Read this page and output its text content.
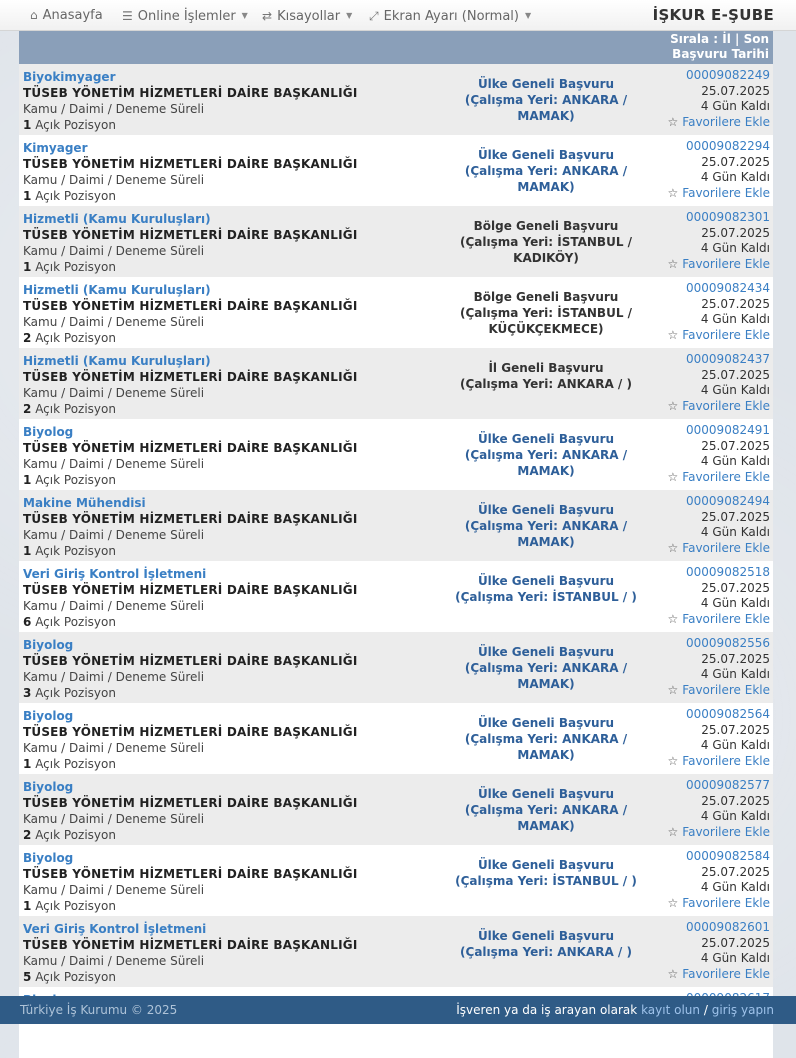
⌂ Anasayfa ☰ Online İşlemler ▼ ⇄ Kısayollar ▼ ⤢ Ekran Ayarı (Normal) ▼	İŞKUR E-ŞUBE
Sırala : İl | Son
Başvuru Tarihi
Biyokimyager
TÜSEB YÖNETİM HİZMETLERİ DAİRE BAŞKANLIĞI
Kamu / Daimi / Deneme Süreli
1 Açık Pozisyon
Ülke Geneli Başvuru
(Çalışma Yeri: ANKARA /
MAMAK)
00009082249
25.07.2025
4 Gün Kaldı
☆ Favorilere Ekle
Kimyager
TÜSEB YÖNETİM HİZMETLERİ DAİRE BAŞKANLIĞI
Kamu / Daimi / Deneme Süreli
1 Açık Pozisyon
Ülke Geneli Başvuru
(Çalışma Yeri: ANKARA /
MAMAK)
00009082294
25.07.2025
4 Gün Kaldı
☆ Favorilere Ekle
Hizmetli (Kamu Kuruluşları)
TÜSEB YÖNETİM HİZMETLERİ DAİRE BAŞKANLIĞI
Kamu / Daimi / Deneme Süreli
1 Açık Pozisyon
Bölge Geneli Başvuru
(Çalışma Yeri: İSTANBUL /
KADIKÖY)
00009082301
25.07.2025
4 Gün Kaldı
☆ Favorilere Ekle
Hizmetli (Kamu Kuruluşları)
TÜSEB YÖNETİM HİZMETLERİ DAİRE BAŞKANLIĞI
Kamu / Daimi / Deneme Süreli
2 Açık Pozisyon
Bölge Geneli Başvuru
(Çalışma Yeri: İSTANBUL /
KÜÇÜKÇEKMECE)
00009082434
25.07.2025
4 Gün Kaldı
☆ Favorilere Ekle
Hizmetli (Kamu Kuruluşları)
TÜSEB YÖNETİM HİZMETLERİ DAİRE BAŞKANLIĞI
Kamu / Daimi / Deneme Süreli
2 Açık Pozisyon
İl Geneli Başvuru
(Çalışma Yeri: ANKARA / )
00009082437
25.07.2025
4 Gün Kaldı
☆ Favorilere Ekle
Biyolog
TÜSEB YÖNETİM HİZMETLERİ DAİRE BAŞKANLIĞI
Kamu / Daimi / Deneme Süreli
1 Açık Pozisyon
Ülke Geneli Başvuru
(Çalışma Yeri: ANKARA /
MAMAK)
00009082491
25.07.2025
4 Gün Kaldı
☆ Favorilere Ekle
Makine Mühendisi
TÜSEB YÖNETİM HİZMETLERİ DAİRE BAŞKANLIĞI
Kamu / Daimi / Deneme Süreli
1 Açık Pozisyon
Ülke Geneli Başvuru
(Çalışma Yeri: ANKARA /
MAMAK)
00009082494
25.07.2025
4 Gün Kaldı
☆ Favorilere Ekle
Veri Giriş Kontrol İşletmeni
TÜSEB YÖNETİM HİZMETLERİ DAİRE BAŞKANLIĞI
Kamu / Daimi / Deneme Süreli
6 Açık Pozisyon
Ülke Geneli Başvuru
(Çalışma Yeri: İSTANBUL / )
00009082518
25.07.2025
4 Gün Kaldı
☆ Favorilere Ekle
Biyolog
TÜSEB YÖNETİM HİZMETLERİ DAİRE BAŞKANLIĞI
Kamu / Daimi / Deneme Süreli
3 Açık Pozisyon
Ülke Geneli Başvuru
(Çalışma Yeri: ANKARA /
MAMAK)
00009082556
25.07.2025
4 Gün Kaldı
☆ Favorilere Ekle
Biyolog
TÜSEB YÖNETİM HİZMETLERİ DAİRE BAŞKANLIĞI
Kamu / Daimi / Deneme Süreli
1 Açık Pozisyon
Ülke Geneli Başvuru
(Çalışma Yeri: ANKARA /
MAMAK)
00009082564
25.07.2025
4 Gün Kaldı
☆ Favorilere Ekle
Biyolog
TÜSEB YÖNETİM HİZMETLERİ DAİRE BAŞKANLIĞI
Kamu / Daimi / Deneme Süreli
2 Açık Pozisyon
Ülke Geneli Başvuru
(Çalışma Yeri: ANKARA /
MAMAK)
00009082577
25.07.2025
4 Gün Kaldı
☆ Favorilere Ekle
Biyolog
TÜSEB YÖNETİM HİZMETLERİ DAİRE BAŞKANLIĞI
Kamu / Daimi / Deneme Süreli
1 Açık Pozisyon
Ülke Geneli Başvuru
(Çalışma Yeri: İSTANBUL / )
00009082584
25.07.2025
4 Gün Kaldı
☆ Favorilere Ekle
Veri Giriş Kontrol İşletmeni
TÜSEB YÖNETİM HİZMETLERİ DAİRE BAŞKANLIĞI
Kamu / Daimi / Deneme Süreli
5 Açık Pozisyon
Ülke Geneli Başvuru
(Çalışma Yeri: ANKARA / )
00009082601
25.07.2025
4 Gün Kaldı
☆ Favorilere Ekle
Türkiye İş Kurumu © 2025	İşveren ya da iş arayan olarak kayıt olun / giriş yapın
